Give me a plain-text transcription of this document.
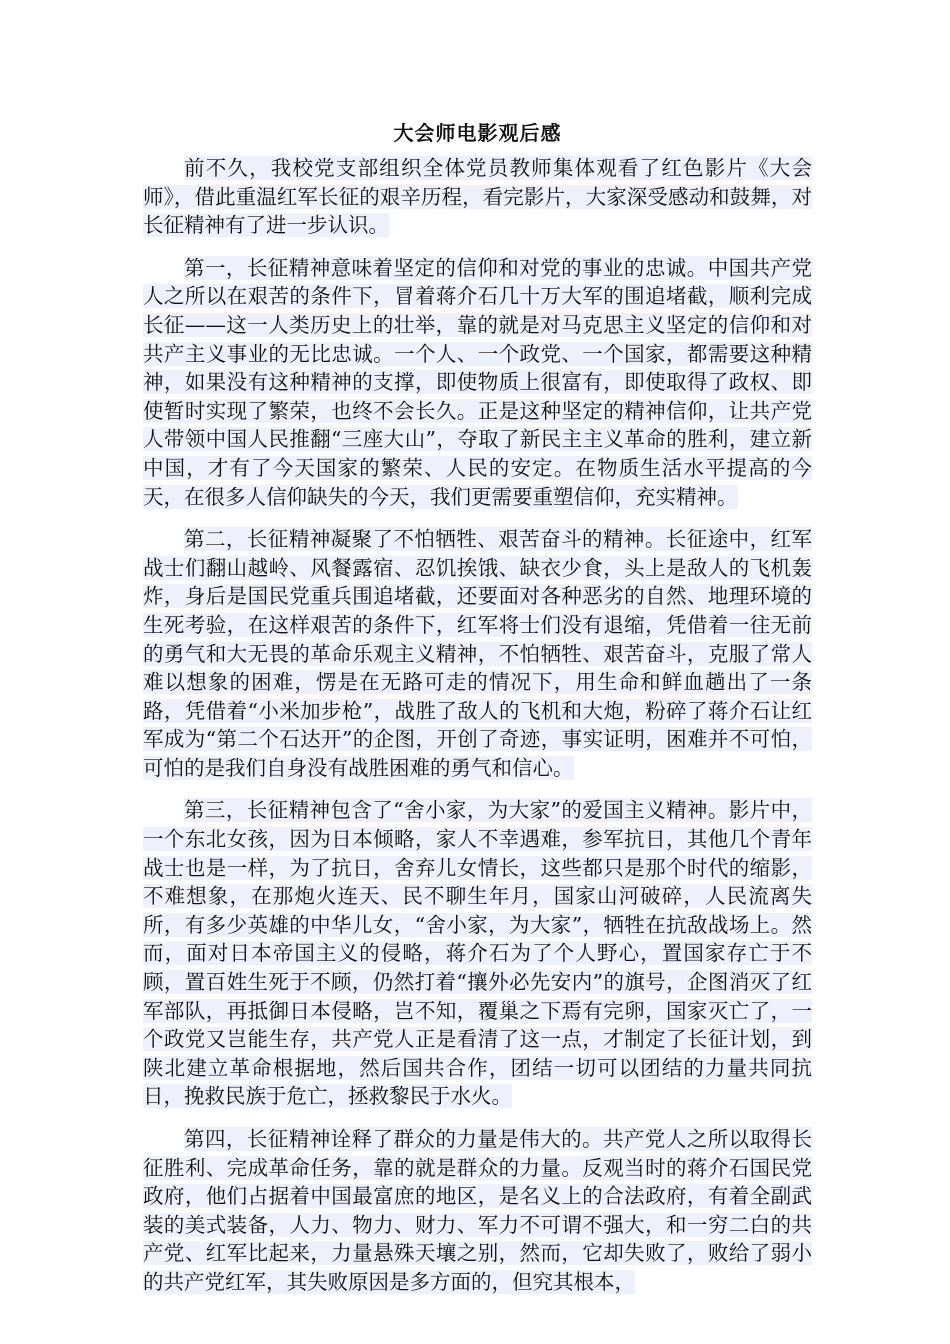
大会师电影观后感

前不久，我校党支部组织全体党员教师集体观看了红色影片《大会师》，借此重温红军长征的艰辛历程，看完影片，大家深受感动和鼓舞，对长征精神有了进一步认识。

第一，长征精神意味着坚定的信仰和对党的事业的忠诚。中国共产党人之所以在艰苦的条件下，冒着蒋介石几十万大军的围追堵截，顺利完成长征——这一人类历史上的壮举，靠的就是对马克思主义坚定的信仰和对共产主义事业的无比忠诚。一个人、一个政党、一个国家，都需要这种精神，如果没有这种精神的支撑，即使物质上很富有，即使取得了政权、即使暂时实现了繁荣，也终不会长久。正是这种坚定的精神信仰，让共产党人带领中国人民推翻“三座大山”，夺取了新民主主义革命的胜利，建立新中国，才有了今天国家的繁荣、人民的安定。在物质生活水平提高的今天，在很多人信仰缺失的今天，我们更需要重塑信仰，充实精神。

第二，长征精神凝聚了不怕牺牲、艰苦奋斗的精神。长征途中，红军战士们翻山越岭、风餐露宿、忍饥挨饿、缺衣少食，头上是敌人的飞机轰炸，身后是国民党重兵围追堵截，还要面对各种恶劣的自然、地理环境的生死考验，在这样艰苦的条件下，红军将士们没有退缩，凭借着一往无前的勇气和大无畏的革命乐观主义精神，不怕牺牲、艰苦奋斗，克服了常人难以想象的困难，愣是在无路可走的情况下，用生命和鲜血趟出了一条路，凭借着“小米加步枪”，战胜了敌人的飞机和大炮，粉碎了蒋介石让红军成为“第二个石达开”的企图，开创了奇迹，事实证明，困难并不可怕，可怕的是我们自身没有战胜困难的勇气和信心。

第三，长征精神包含了“舍小家，为大家”的爱国主义精神。影片中，一个东北女孩，因为日本倾略，家人不幸遇难，参军抗日，其他几个青年战士也是一样，为了抗日，舍弃儿女情长，这些都只是那个时代的缩影，不难想象，在那炮火连天、民不聊生年月，国家山河破碎，人民流离失所，有多少英雄的中华儿女，“舍小家，为大家”，牺牲在抗敌战场上。然而，面对日本帝国主义的侵略，蒋介石为了个人野心，置国家存亡于不顾，置百姓生死于不顾，仍然打着“攘外必先安内”的旗号，企图消灭了红军部队，再抵御日本侵略，岂不知，覆巢之下焉有完卵，国家灭亡了，一个政党又岂能生存，共产党人正是看清了这一点，才制定了长征计划，到陕北建立革命根据地，然后国共合作，团结一切可以团结的力量共同抗日，挽救民族于危亡，拯救黎民于水火。

第四，长征精神诠释了群众的力量是伟大的。共产党人之所以取得长征胜利、完成革命任务，靠的就是群众的力量。反观当时的蒋介石国民党政府，他们占据着中国最富庶的地区，是名义上的合法政府，有着全副武装的美式装备，人力、物力、财力、军力不可谓不强大，和一穷二白的共产党、红军比起来，力量悬殊天壤之别，然而，它却失败了，败给了弱小的共产党红军，其失败原因是多方面的，但究其根本，
